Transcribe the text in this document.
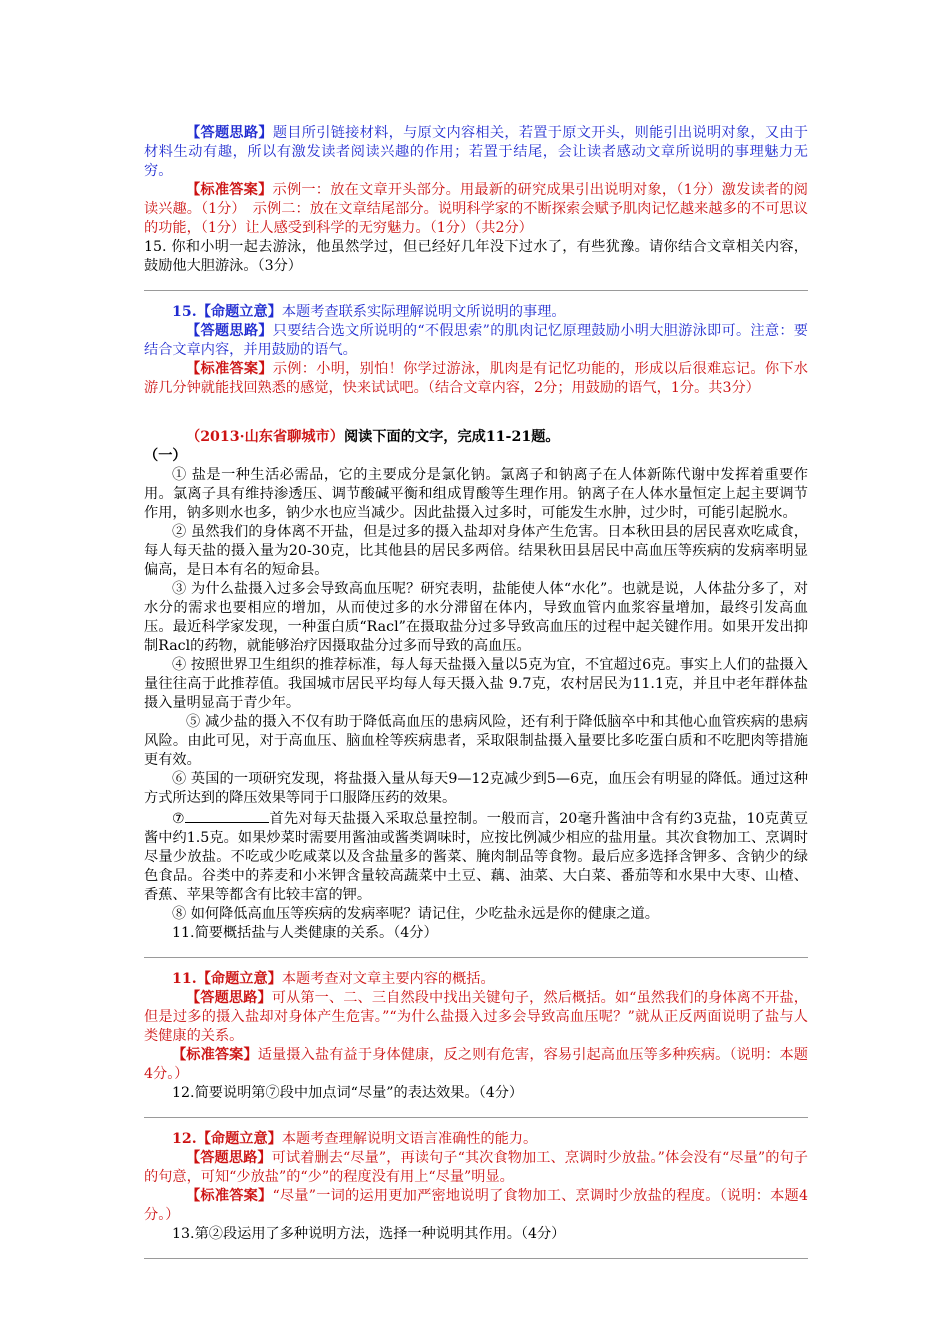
【答题思路】题目所引链接材料，与原文内容相关，若置于原文开头，则能引出说明对象，又由于材料生动有趣，所以有激发读者阅读兴趣的作用；若置于结尾，会让读者感动文章所说明的事理魅力无穷。

【标准答案】示例一：放在文章开头部分。用最新的研究成果引出说明对象，（1分）激发读者的阅读兴趣。（1分）　示例二：放在文章结尾部分。说明科学家的不断探索会赋予肌肉记忆越来越多的不可思议的功能，（1分）让人感受到科学的无穷魅力。（1分）（共2分）

15. 你和小明一起去游泳，他虽然学过，但已经好几年没下过水了，有些犹豫。请你结合文章相关内容，鼓励他大胆游泳。（3分）

15.【命题立意】本题考查联系实际理解说明文所说明的事理。

【答题思路】只要结合选文所说明的“不假思索”的肌肉记忆原理鼓励小明大胆游泳即可。注意：要结合文章内容，并用鼓励的语气。

【标准答案】示例：小明，别怕！你学过游泳，肌肉是有记忆功能的，形成以后很难忘记。你下水游几分钟就能找回熟悉的感觉，快来试试吧。（结合文章内容，2分；用鼓励的语气，1分。共3分）

（2013·山东省聊城市）阅读下面的文字，完成11-21题。

（一）

① 盐是一种生活必需品，它的主要成分是氯化钠。氯离子和钠离子在人体新陈代谢中发挥着重要作用。氯离子具有维持渗透压、调节酸碱平衡和组成胃酸等生理作用。钠离子在人体水量恒定上起主要调节作用，钠多则水也多，钠少水也应当减少。因此盐摄入过多时，可能发生水肿，过少时，可能引起脱水。

② 虽然我们的身体离不开盐，但是过多的摄入盐却对身体产生危害。日本秋田县的居民喜欢吃咸食，每人每天盐的摄入量为20-30克，比其他县的居民多两倍。结果秋田县居民中高血压等疾病的发病率明显偏高，是日本有名的短命县。

③ 为什么盐摄入过多会导致高血压呢？研究表明，盐能使人体“水化”。也就是说，人体盐分多了，对水分的需求也要相应的增加，从而使过多的水分滞留在体内，导致血管内血浆容量增加，最终引发高血压。最近科学家发现，一种蛋白质“Racl”在摄取盐分过多导致高血压的过程中起关键作用。如果开发出抑制Racl的药物，就能够治疗因摄取盐分过多而导致的高血压。

④ 按照世界卫生组织的推荐标准，每人每天盐摄入量以5克为宜，不宜超过6克。事实上人们的盐摄入量往往高于此推荐值。我国城市居民平均每人每天摄入盐 9.7克，农村居民为11.1克，并且中老年群体盐摄入量明显高于青少年。

⑤ 减少盐的摄入不仅有助于降低高血压的患病风险，还有利于降低脑卒中和其他心血管疾病的患病风险。由此可见，对于高血压、脑血栓等疾病患者，采取限制盐摄入量要比多吃蛋白质和不吃肥肉等措施更有效。

⑥ 英国的一项研究发现，将盐摄入量从每天9—12克减少到5—6克，血压会有明显的降低。通过这种方式所达到的降压效果等同于口服降压药的效果。

⑦	首先对每天盐摄入采取总量控制。一般而言，20毫升酱油中含有约3克盐，10克黄豆酱中约1.5克。如果炒菜时需要用酱油或酱类调味时，应按比例减少相应的盐用量。其次食物加工、烹调时尽量少放盐。不吃或少吃咸菜以及含盐量多的酱菜、腌肉制品等食物。最后应多选择含钾多、含钠少的绿色食品。谷类中的荞麦和小米钾含量较高蔬菜中土豆、藕、油菜、大白菜、番茄等和水果中大枣、山楂、香蕉、苹果等都含有比较丰富的钾。

⑧ 如何降低高血压等疾病的发病率呢？请记住，少吃盐永远是你的健康之道。

11.简要概括盐与人类健康的关系。（4分）

11.【命题立意】本题考查对文章主要内容的概括。

【答题思路】可从第一、二、三自然段中找出关键句子，然后概括。如“虽然我们的身体离不开盐，但是过多的摄入盐却对身体产生危害。”“为什么盐摄入过多会导致高血压呢？”就从正反两面说明了盐与人类健康的关系。

【标准答案】适量摄入盐有益于身体健康，反之则有危害，容易引起高血压等多种疾病。（说明：本题4分。）

12.简要说明第⑦段中加点词“尽量”的表达效果。（4分）

12.【命题立意】本题考查理解说明文语言准确性的能力。

【答题思路】可试着删去“尽量”，再读句子“其次食物加工、烹调时少放盐。”体会没有“尽量”的句子的句意，可知“少放盐”的“少”的程度没有用上“尽量”明显。

【标准答案】“尽量”一词的运用更加严密地说明了食物加工、烹调时少放盐的程度。（说明：本题4分。）

13.第②段运用了多种说明方法，选择一种说明其作用。（4分）
